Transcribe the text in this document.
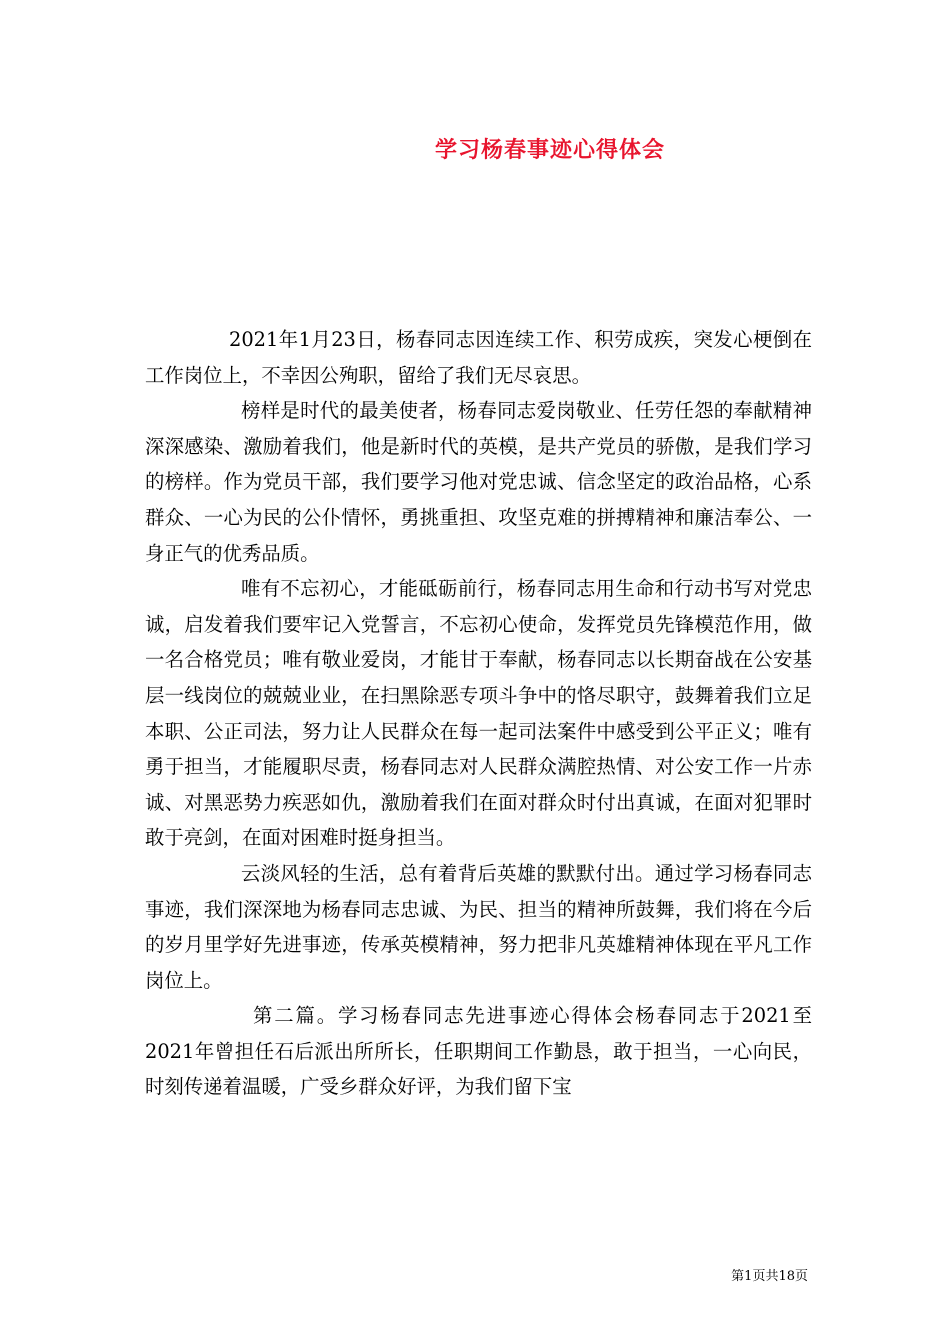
学习杨春事迹心得体会

2021年1月23日，杨春同志因连续工作、积劳成疾，突发心梗倒在工作岗位上，不幸因公殉职，留给了我们无尽哀思。

榜样是时代的最美使者，杨春同志爱岗敬业、任劳任怨的奉献精神深深感染、激励着我们，他是新时代的英模，是共产党员的骄傲，是我们学习的榜样。作为党员干部，我们要学习他对党忠诚、信念坚定的政治品格，心系群众、一心为民的公仆情怀，勇挑重担、攻坚克难的拼搏精神和廉洁奉公、一身正气的优秀品质。

唯有不忘初心，才能砥砺前行，杨春同志用生命和行动书写对党忠诚，启发着我们要牢记入党誓言，不忘初心使命，发挥党员先锋模范作用，做一名合格党员；唯有敬业爱岗，才能甘于奉献，杨春同志以长期奋战在公安基层一线岗位的兢兢业业，在扫黑除恶专项斗争中的恪尽职守，鼓舞着我们立足本职、公正司法，努力让人民群众在每一起司法案件中感受到公平正义；唯有勇于担当，才能履职尽责，杨春同志对人民群众满腔热情、对公安工作一片赤诚、对黑恶势力疾恶如仇，激励着我们在面对群众时付出真诚，在面对犯罪时敢于亮剑，在面对困难时挺身担当。

云淡风轻的生活，总有着背后英雄的默默付出。通过学习杨春同志事迹，我们深深地为杨春同志忠诚、为民、担当的精神所鼓舞，我们将在今后的岁月里学好先进事迹，传承英模精神，努力把非凡英雄精神体现在平凡工作岗位上。

第二篇。学习杨春同志先进事迹心得体会杨春同志于2021至2021年曾担任石后派出所所长，任职期间工作勤恳，敢于担当，一心向民，时刻传递着温暖，广受乡群众好评，为我们留下宝

第1页共18页
